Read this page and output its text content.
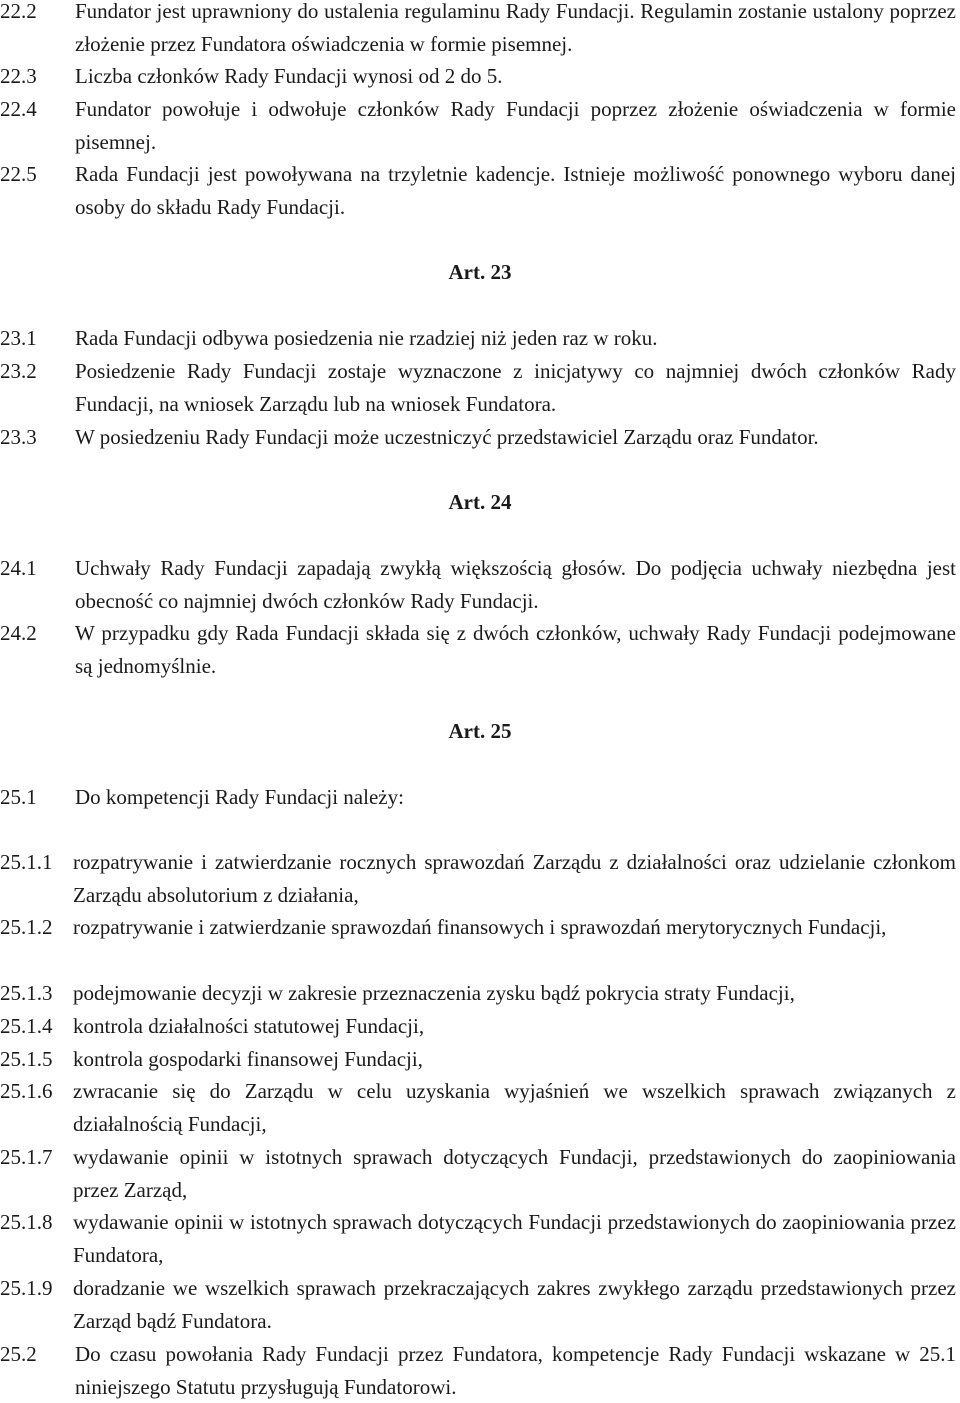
22.2	Fundator jest uprawniony do ustalenia regulaminu Rady Fundacji. Regulamin zostanie ustalony poprzez złożenie przez Fundatora oświadczenia w formie pisemnej.
22.3	Liczba członków Rady Fundacji wynosi od 2 do 5.
22.4	Fundator powołuje i odwołuje członków Rady Fundacji poprzez złożenie oświadczenia w formie pisemnej.
22.5	Rada Fundacji jest powoływana na trzyletnie kadencje. Istnieje możliwość ponownego wyboru danej osoby do składu Rady Fundacji.
Art. 23
23.1	Rada Fundacji odbywa posiedzenia nie rzadziej niż jeden raz w roku.
23.2	Posiedzenie Rady Fundacji zostaje wyznaczone z inicjatywy co najmniej dwóch członków Rady Fundacji, na wniosek Zarządu lub na wniosek Fundatora.
23.3	W posiedzeniu Rady Fundacji może uczestniczyć przedstawiciel Zarządu oraz Fundator.
Art. 24
24.1	Uchwały Rady Fundacji zapadają zwykłą większością głosów. Do podjęcia uchwały niezbędna jest obecność co najmniej dwóch członków Rady Fundacji.
24.2	W przypadku gdy Rada Fundacji składa się z dwóch członków, uchwały Rady Fundacji podejmowane są jednomyślnie.
Art. 25
25.1	Do kompetencji Rady Fundacji należy:
25.1.1 rozpatrywanie i zatwierdzanie rocznych sprawozdań Zarządu z działalności oraz udzielanie członkom Zarządu absolutorium z działania,
25.1.2 rozpatrywanie i zatwierdzanie sprawozdań finansowych i sprawozdań merytorycznych Fundacji,
25.1.3 podejmowanie decyzji w zakresie przeznaczenia zysku bądź pokrycia straty Fundacji,
25.1.4 kontrola działalności statutowej Fundacji,
25.1.5 kontrola gospodarki finansowej Fundacji,
25.1.6 zwracanie się do Zarządu w celu uzyskania wyjaśnień we wszelkich sprawach związanych z działalnością Fundacji,
25.1.7 wydawanie opinii w istotnych sprawach dotyczących Fundacji, przedstawionych do zaopiniowania przez Zarząd,
25.1.8 wydawanie opinii w istotnych sprawach dotyczących Fundacji przedstawionych do zaopiniowania przez Fundatora,
25.1.9 doradzanie we wszelkich sprawach przekraczających zakres zwykłego zarządu przedstawionych przez Zarząd bądź Fundatora.
25.2	Do czasu powołania Rady Fundacji przez Fundatora, kompetencje Rady Fundacji wskazane w 25.1 niniejszego Statutu przysługują Fundatorowi.
